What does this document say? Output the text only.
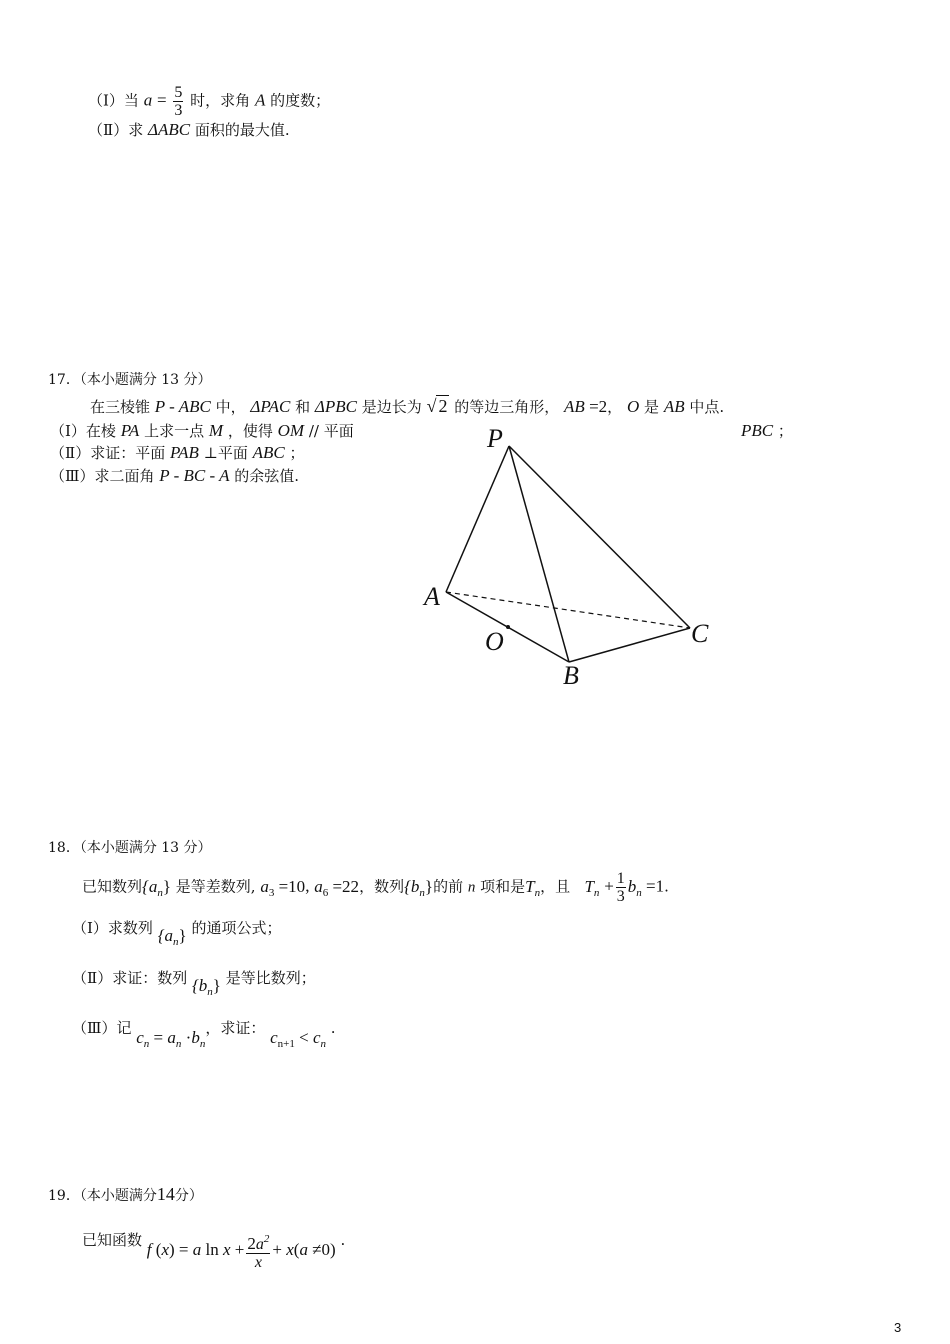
（Ⅰ）当 $a = \frac{5}{3}$ 时，求角 A 的度数；
（Ⅱ）求 ΔABC 面积的最大值.
17．（本小题满分 13 分）
在三棱锥 P - ABC 中， ΔPAC 和 ΔPBC 是边长为 √ 2 的等边三角形， AB =2， O 是 AB 中点.
（Ⅰ）在棱 PA 上求一点 M ，使得 OM // 平面	PBC ；
（Ⅱ）求证：平面 PAB ⊥平面 ABC ；
（Ⅲ）求二面角 P - BC - A 的余弦值.
P
A
O
B
C
18．（本小题满分 13 分）
已知数列$\{a_n\}$ 是等差数列, $a_3 =10$, $a_6 =22$，数列$\{b_n\}$的前 n 项和是$T_n$，且 $T_n + \frac{1}{3} b_n =1$.
（Ⅰ）求数列 $\{a_n\}$ 的通项公式；
（Ⅱ）求证：数列 $\{b_n\}$ 是等比数列；
（Ⅲ）记 $c_n = a_n \cdot b_n$，求证： $c_{n+1} < c_n$ .
19．（本小题满分14分）
已知函数 f (x) = a $\ln x + \frac{2a^2}{x} + x(a \ne 0)$ .
3
